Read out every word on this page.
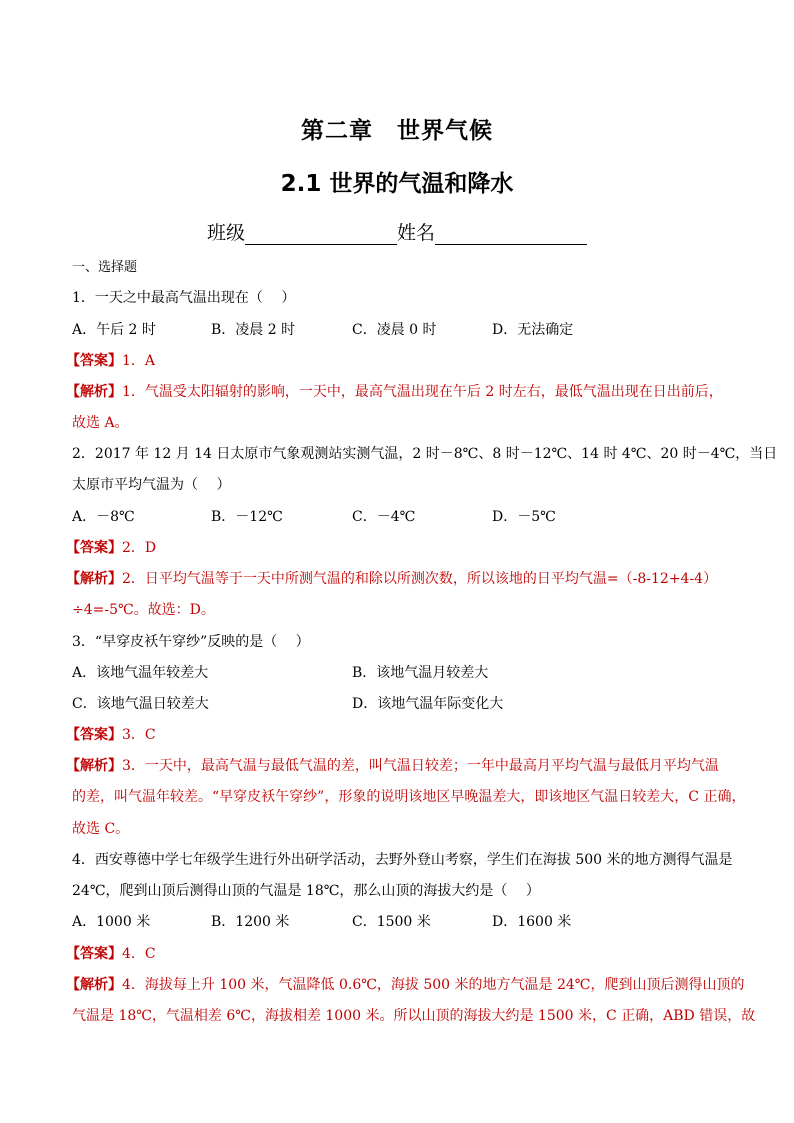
第二章　世界气候
2.1 世界的气温和降水
班级	姓名
一、选择题
1．一天之中最高气温出现在（　 ）
A．午后 2 时	B．凌晨 2 时	C．凌晨 0 时	D．无法确定
【答案】1．A
【解析】1．气温受太阳辐射的影响，一天中，最高气温出现在午后 2 时左右，最低气温出现在日出前后，
故选 A。
2．2017 年 12 月 14 日太原市气象观测站实测气温，2 时－8℃、8 时－12℃、14 时 4℃、20 时－4℃，当日
太原市平均气温为（　 ）
A．－8℃	B．－12℃	C．－4℃	D．－5℃
【答案】2．D
【解析】2．日平均气温等于一天中所测气温的和除以所测次数，所以该地的日平均气温=（-8-12+4-4）
÷4=-5℃。故选：D。
3．“早穿皮袄午穿纱”反映的是（　 ）
A．该地气温年较差大	B．该地气温月较差大
C．该地气温日较差大	D．该地气温年际变化大
【答案】3．C
【解析】3．一天中，最高气温与最低气温的差，叫气温日较差；一年中最高月平均气温与最低月平均气温
的差，叫气温年较差。“早穿皮袄午穿纱”，形象的说明该地区早晚温差大，即该地区气温日较差大，C 正确，
故选 C。
4．西安尊德中学七年级学生进行外出研学活动，去野外登山考察，学生们在海拔 500 米的地方测得气温是
24℃，爬到山顶后测得山顶的气温是 18℃，那么山顶的海拔大约是（　 ）
A．1000 米	B．1200 米	C．1500 米	D．1600 米
【答案】4．C
【解析】4．海拔每上升 100 米，气温降低 0.6℃，海拔 500 米的地方气温是 24℃，爬到山顶后测得山顶的
气温是 18℃，气温相差 6℃，海拔相差 1000 米。所以山顶的海拔大约是 1500 米，C 正确，ABD 错误，故
